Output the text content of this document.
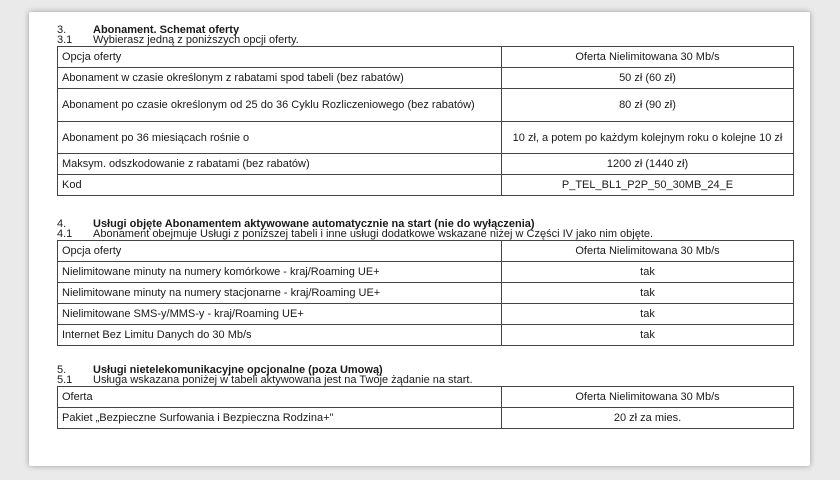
3. Abonament. Schemat oferty
3.1 Wybierasz jedną z poniższych opcji oferty.
Opcja oferty	Oferta Nielimitowana 30 Mb/s
Abonament w czasie określonym z rabatami spod tabeli (bez rabatów)	50 zł (60 zł)
Abonament po czasie określonym od 25 do 36 Cyklu Rozliczeniowego (bez rabatów)	80 zł (90 zł)
Abonament po 36 miesiącach rośnie o	10 zł, a potem po każdym kolejnym roku o kolejne 10 zł
Maksym. odszkodowanie z rabatami (bez rabatów)	1200 zł (1440 zł)
Kod	P_TEL_BL1_P2P_50_30MB_24_E
4. Usługi objęte Abonamentem aktywowane automatycznie na start (nie do wyłączenia)
4.1 Abonament obejmuje Usługi z poniższej tabeli i inne usługi dodatkowe wskazane niżej w Części IV jako nim objęte.
Opcja oferty	Oferta Nielimitowana 30 Mb/s
Nielimitowane minuty na numery komórkowe - kraj/Roaming UE+	tak
Nielimitowane minuty na numery stacjonarne - kraj/Roaming UE+	tak
Nielimitowane SMS-y/MMS-y - kraj/Roaming UE+	tak
Internet Bez Limitu Danych do 30 Mb/s	tak
5. Usługi nietelekomunikacyjne opcjonalne (poza Umową)
5.1 Usługa wskazana poniżej w tabeli aktywowana jest na Twoje żądanie na start.
Oferta	Oferta Nielimitowana 30 Mb/s
Pakiet „Bezpieczne Surfowania i Bezpieczna Rodzina+"	20 zł za mies.
